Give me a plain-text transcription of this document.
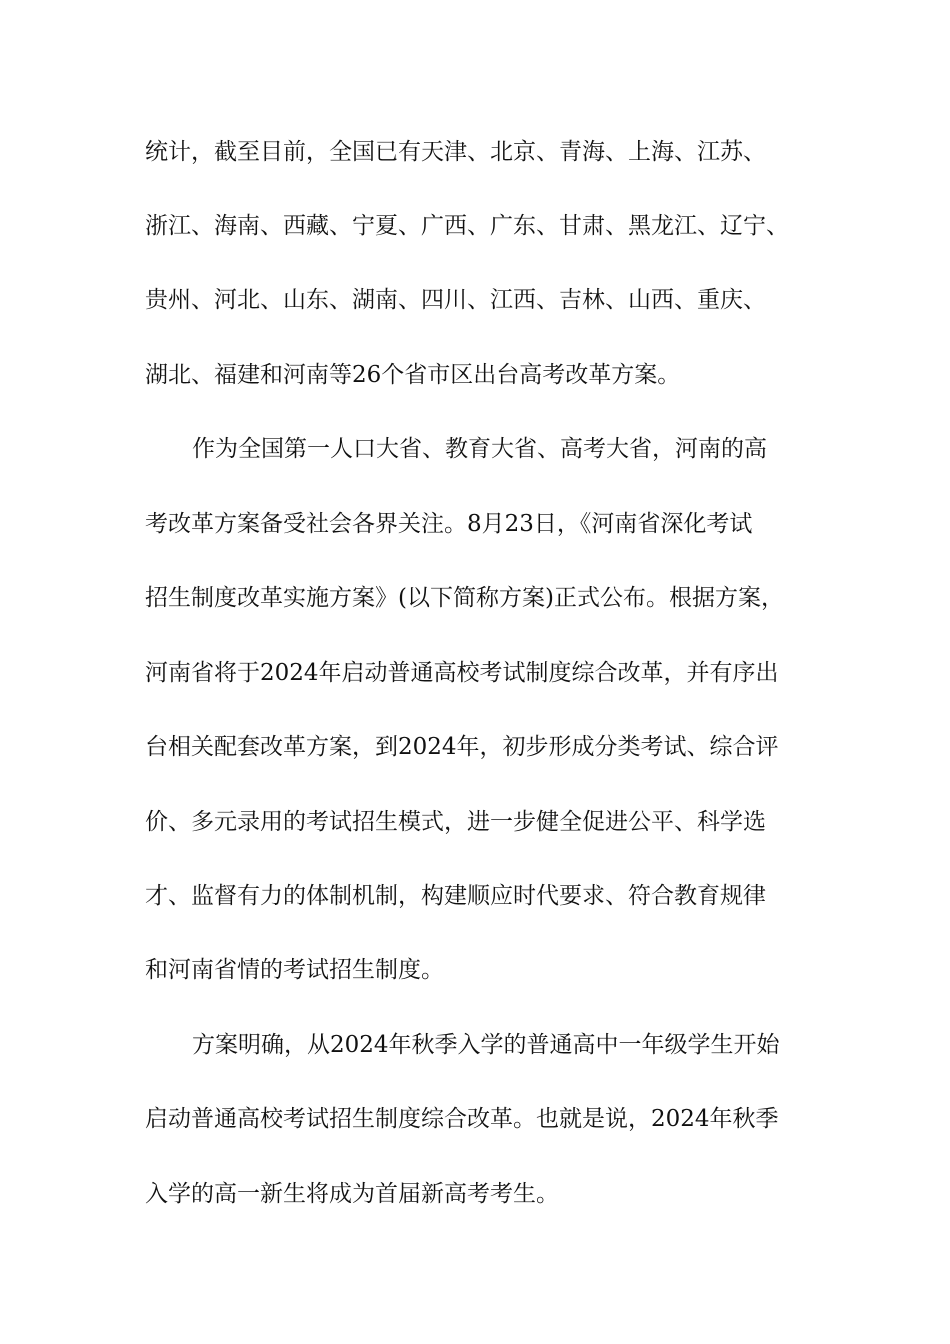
统计，截至目前，全国已有天津、北京、青海、上海、江苏、
浙江、海南、西藏、宁夏、广西、广东、甘肃、黑龙江、辽宁、
贵州、河北、山东、湖南、四川、江西、吉林、山西、重庆、
湖北、福建和河南等26个省市区出台高考改革方案。
作为全国第一人口大省、教育大省、高考大省，河南的高
考改革方案备受社会各界关注。8月23日，《河南省深化考试
招生制度改革实施方案》(以下简称方案)正式公布。根据方案，
河南省将于2024年启动普通高校考试制度综合改革，并有序出
台相关配套改革方案，到2024年，初步形成分类考试、综合评
价、多元录用的考试招生模式，进一步健全促进公平、科学选
才、监督有力的体制机制，构建顺应时代要求、符合教育规律
和河南省情的考试招生制度。
方案明确，从2024年秋季入学的普通高中一年级学生开始
启动普通高校考试招生制度综合改革。也就是说，2024年秋季
入学的高一新生将成为首届新高考考生。
